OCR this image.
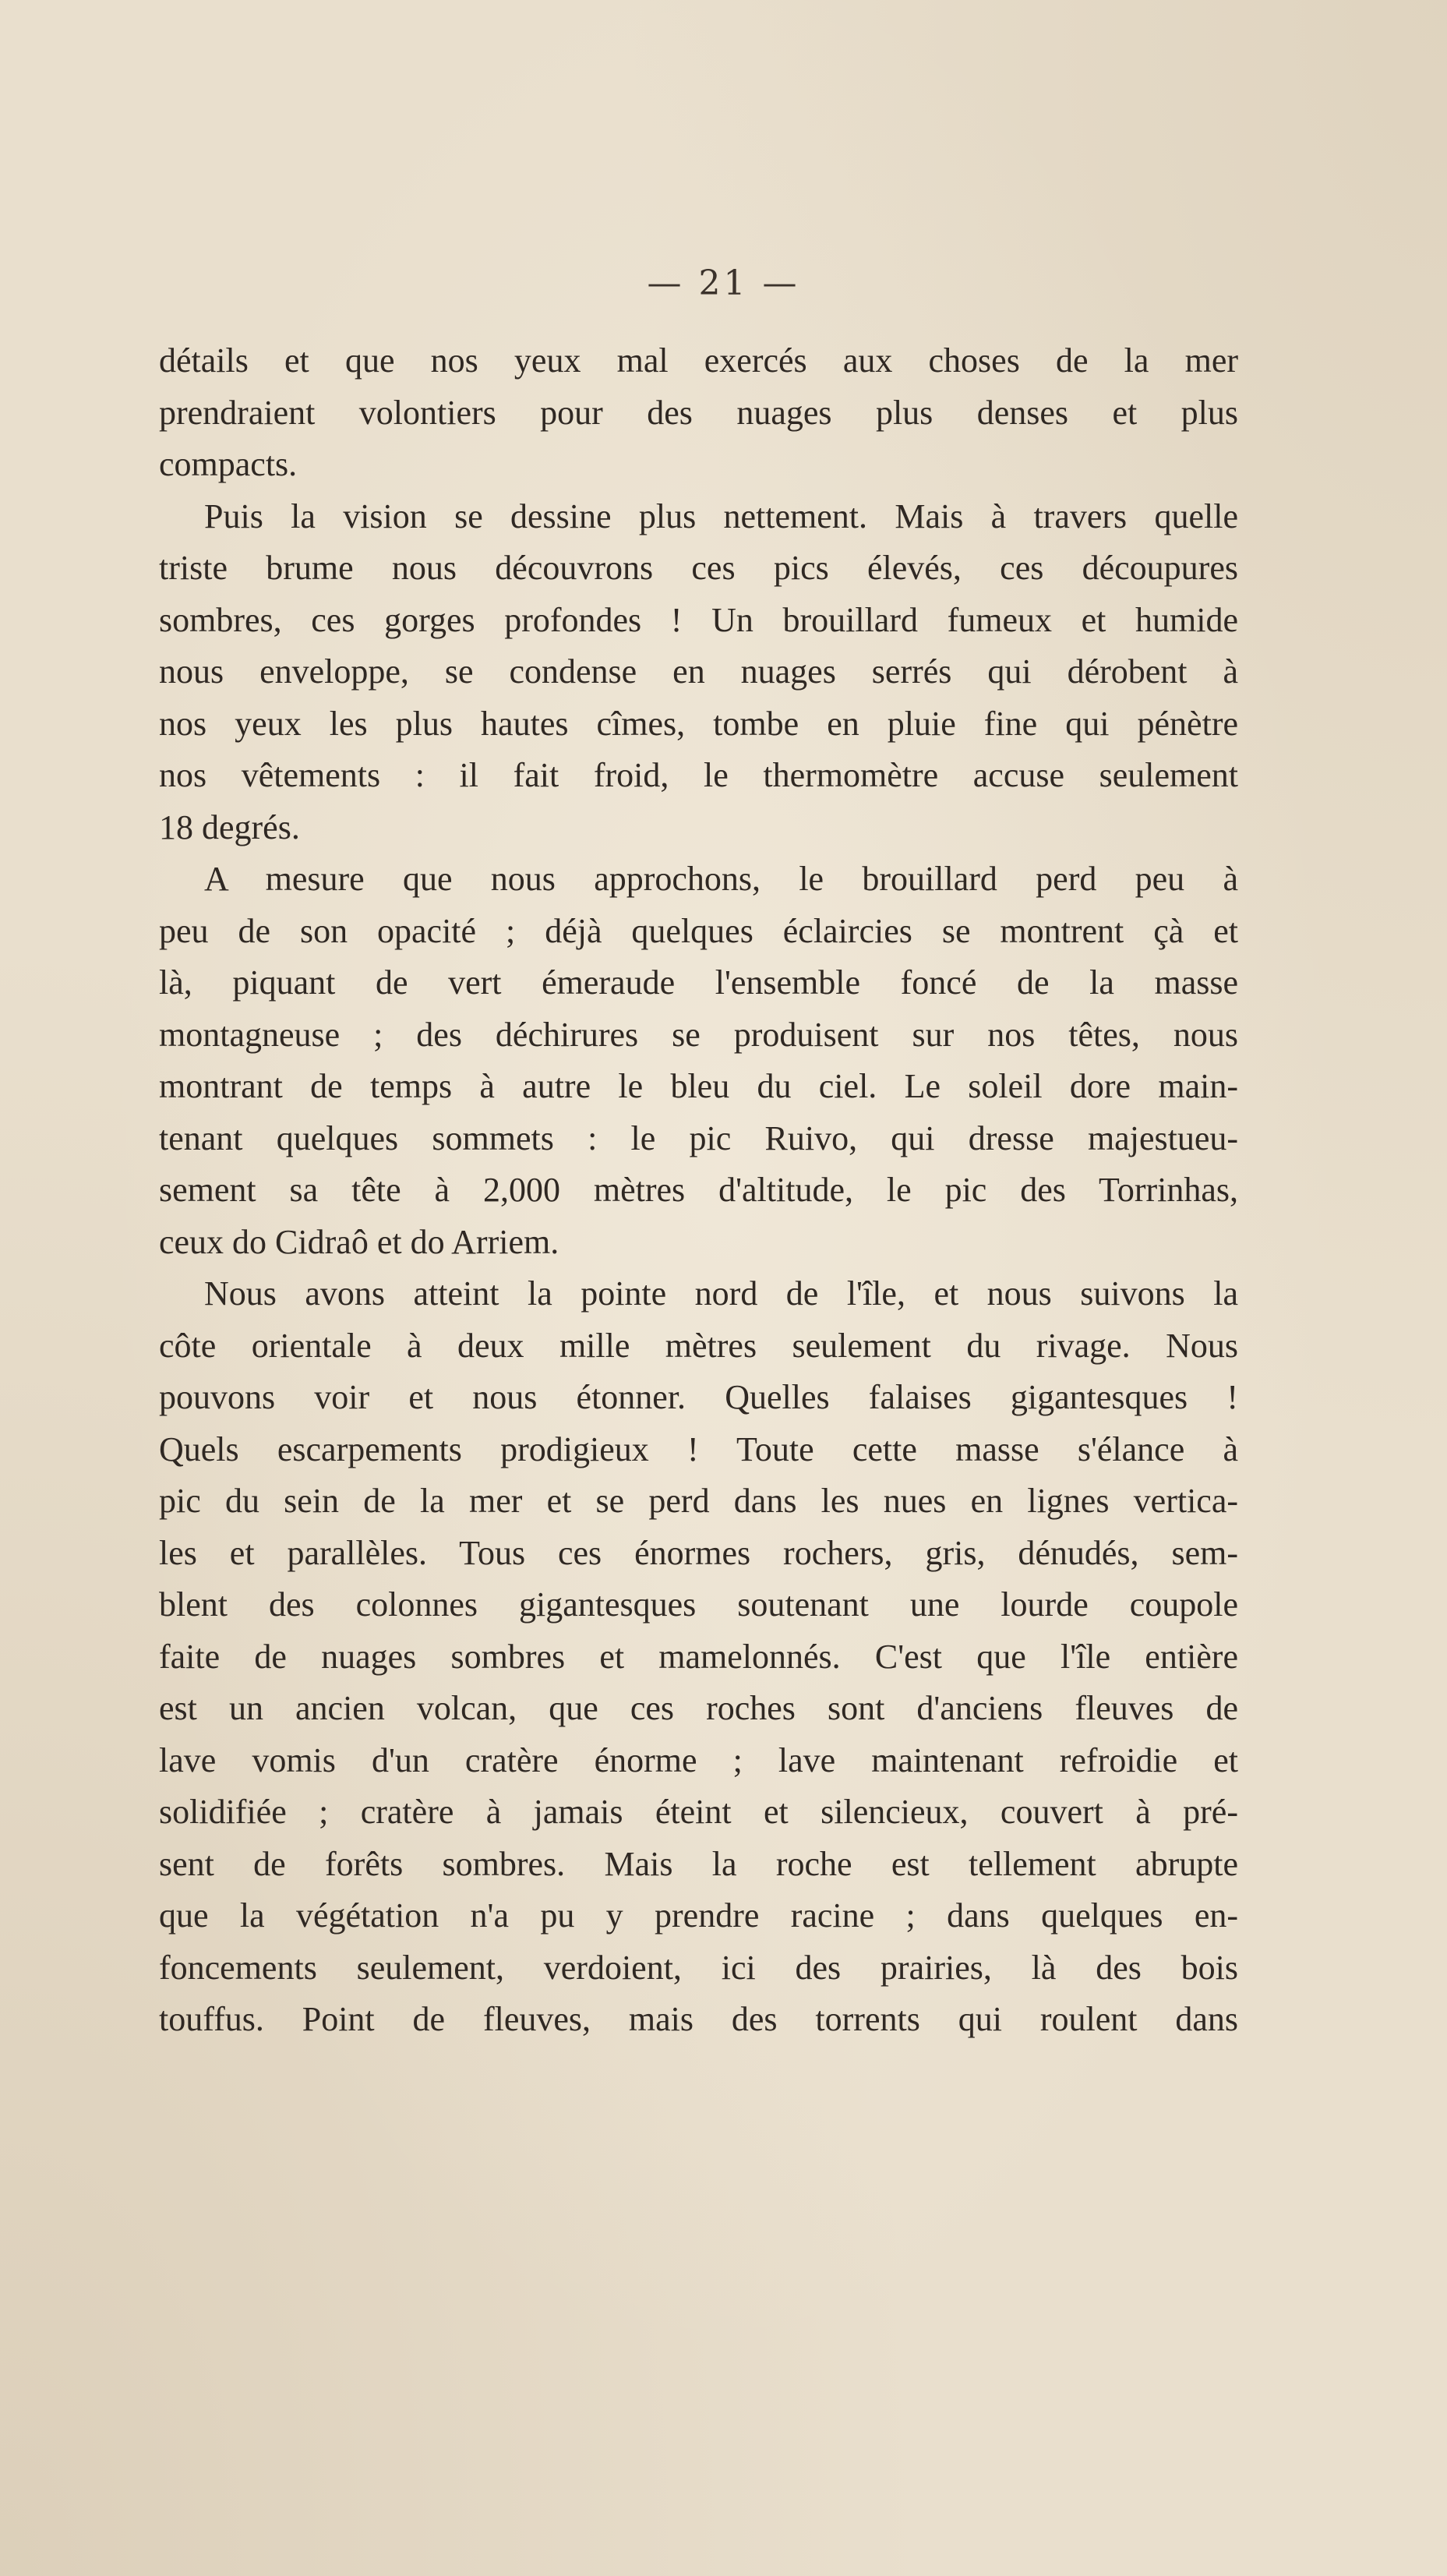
— 21 —
détails et que nos yeux mal exercés aux choses de la mer
prendraient volontiers pour des nuages plus denses et plus
compacts.
Puis la vision se dessine plus nettement. Mais à travers quelle
triste brume nous découvrons ces pics élevés, ces découpures
sombres, ces gorges profondes ! Un brouillard fumeux et humide
nous enveloppe, se condense en nuages serrés qui dérobent à
nos yeux les plus hautes cîmes, tombe en pluie fine qui pénètre
nos vêtements : il fait froid, le thermomètre accuse seulement
18 degrés.
A mesure que nous approchons, le brouillard perd peu à
peu de son opacité ; déjà quelques éclaircies se montrent çà et
là, piquant de vert émeraude l'ensemble foncé de la masse
montagneuse ; des déchirures se produisent sur nos têtes, nous
montrant de temps à autre le bleu du ciel. Le soleil dore main-
tenant quelques sommets : le pic Ruivo, qui dresse majestueu-
sement sa tête à 2,000 mètres d'altitude, le pic des Torrinhas,
ceux do Cidraô et do Arriem.
Nous avons atteint la pointe nord de l'île, et nous suivons la
côte orientale à deux mille mètres seulement du rivage. Nous
pouvons voir et nous étonner. Quelles falaises gigantesques !
Quels escarpements prodigieux ! Toute cette masse s'élance à
pic du sein de la mer et se perd dans les nues en lignes vertica-
les et parallèles. Tous ces énormes rochers, gris, dénudés, sem-
blent des colonnes gigantesques soutenant une lourde coupole
faite de nuages sombres et mamelonnés. C'est que l'île entière
est un ancien volcan, que ces roches sont d'anciens fleuves de
lave vomis d'un cratère énorme ; lave maintenant refroidie et
solidifiée ; cratère à jamais éteint et silencieux, couvert à pré-
sent de forêts sombres. Mais la roche est tellement abrupte
que la végétation n'a pu y prendre racine ; dans quelques en-
foncements seulement, verdoient, ici des prairies, là des bois
touffus. Point de fleuves, mais des torrents qui roulent dans
